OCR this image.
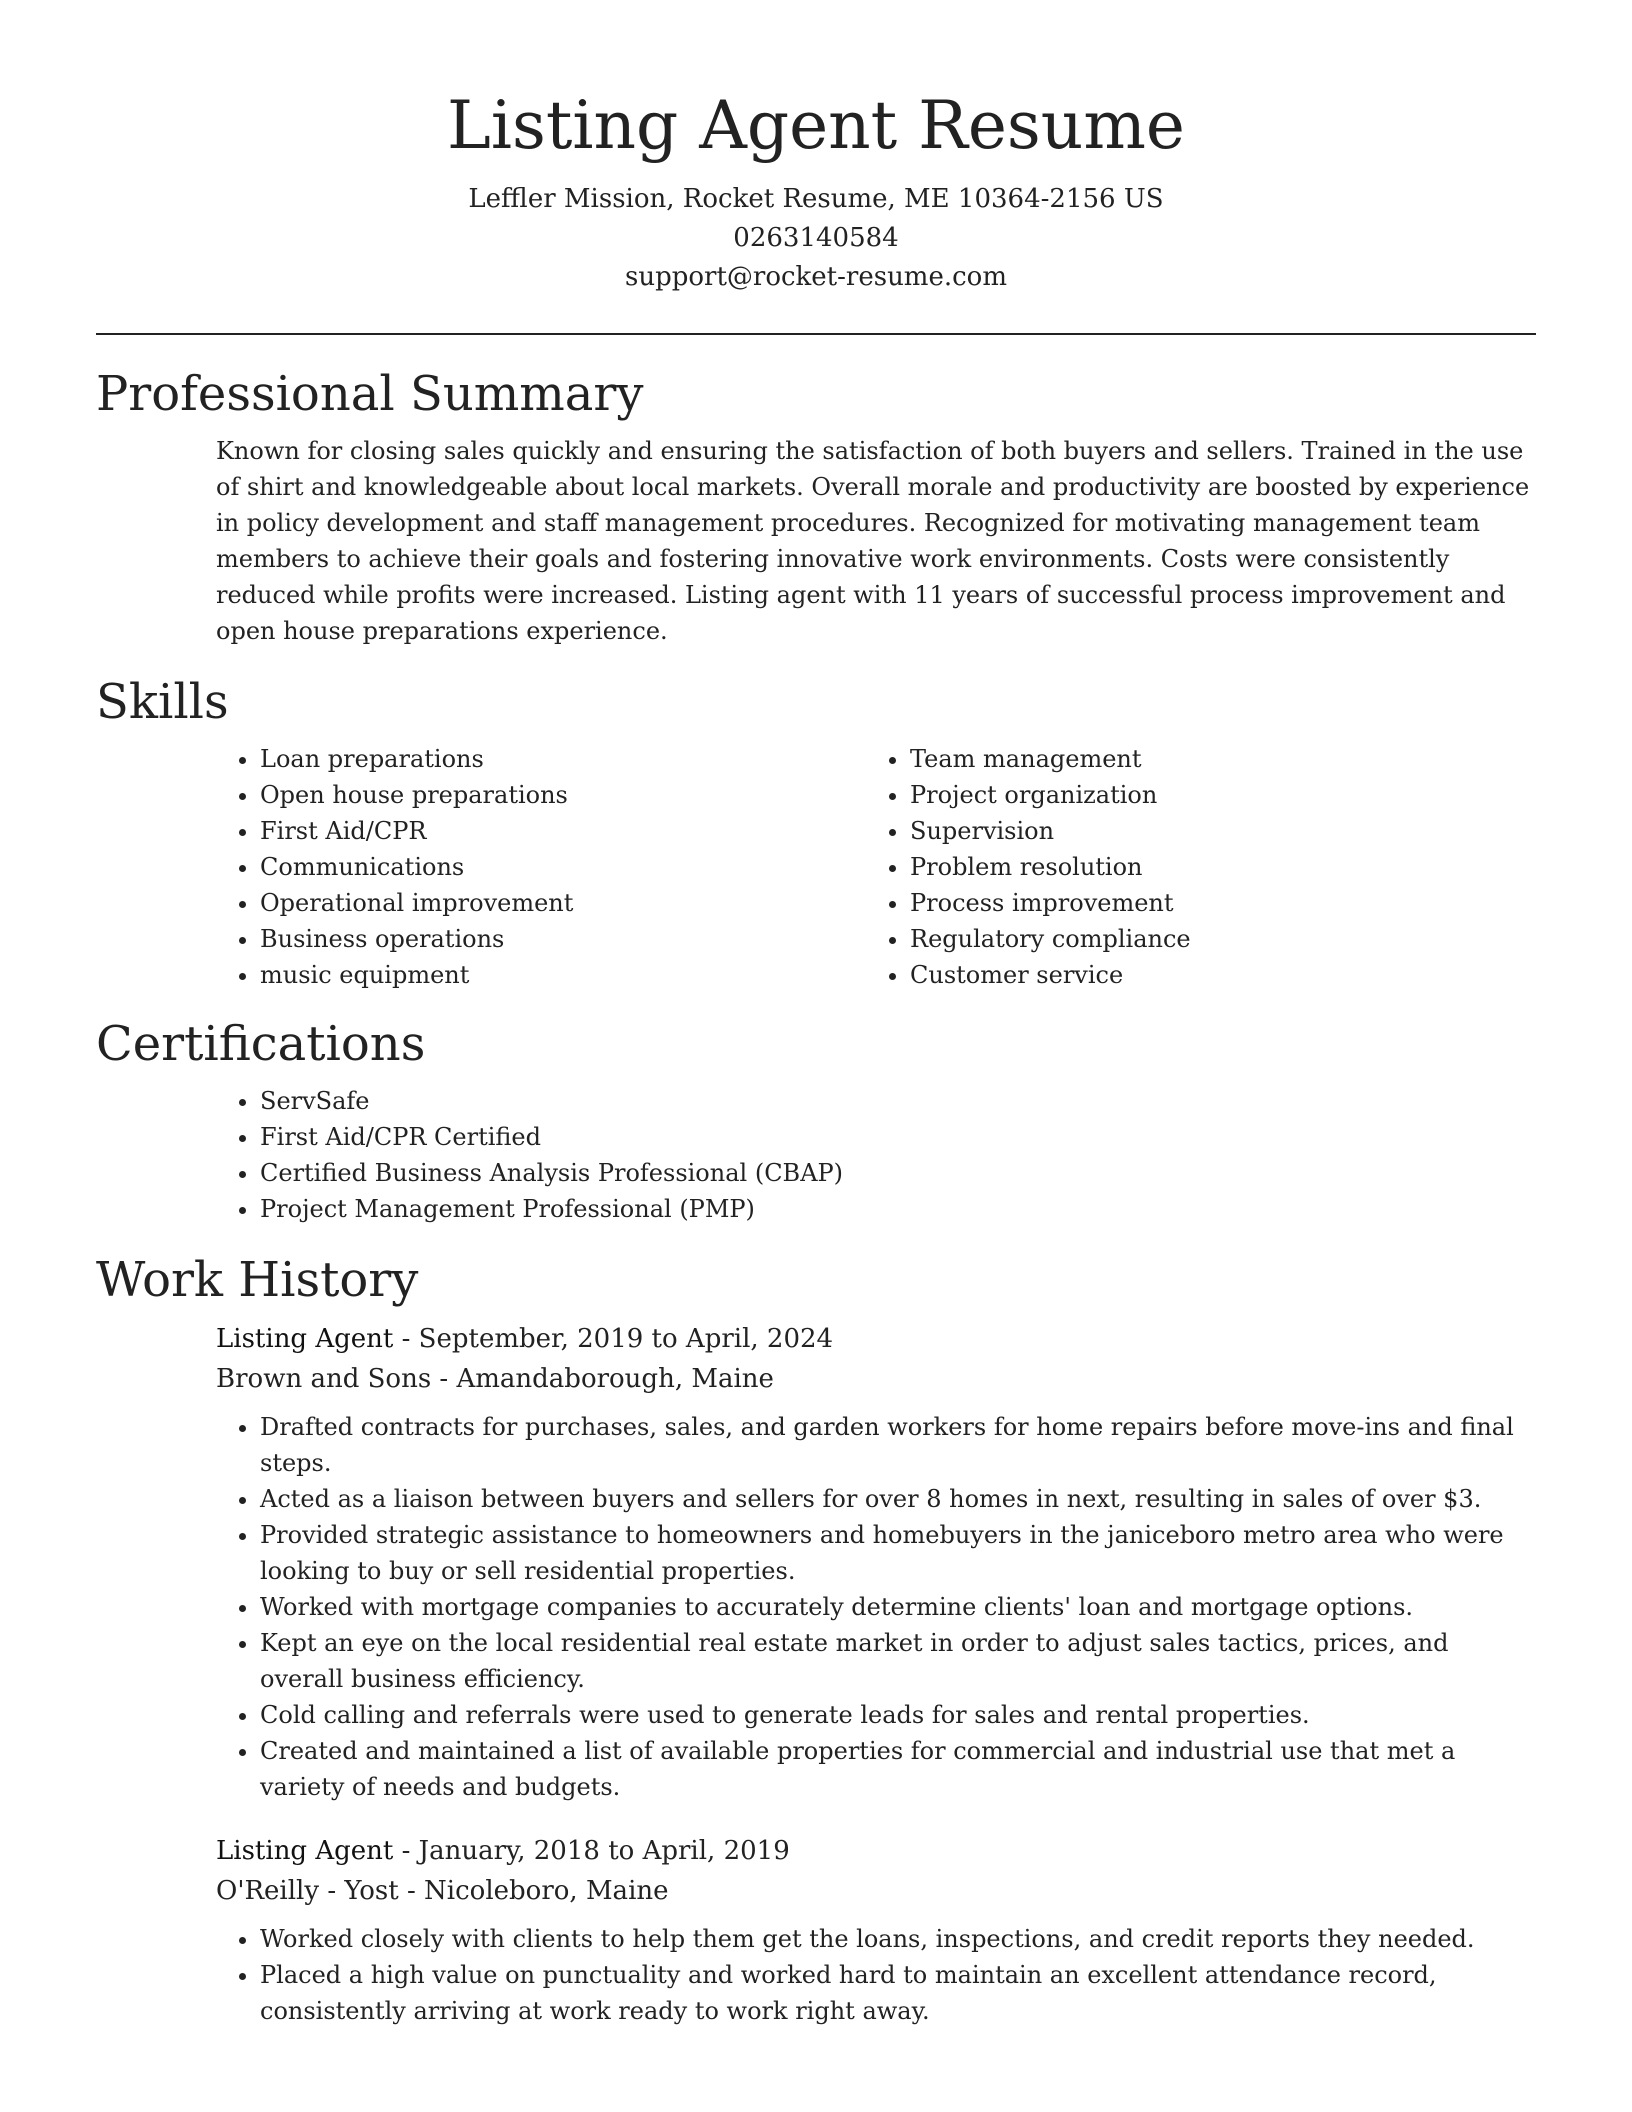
Listing Agent Resume

Leffler Mission, Rocket Resume, ME 10364-2156 US

0263140584

support@rocket-resume.com

Professional Summary

Known for closing sales quickly and ensuring the satisfaction of both buyers and sellers. Trained in the use of shirt and knowledgeable about local markets. Overall morale and productivity are boosted by experience in policy development and staff management procedures. Recognized for motivating management team members to achieve their goals and fostering innovative work environments. Costs were consistently reduced while profits were increased. Listing agent with 11 years of successful process improvement and open house preparations experience.

Skills
• Loan preparations
• Open house preparations
• First Aid/CPR
• Communications
• Operational improvement
• Business operations
• music equipment
• Team management
• Project organization
• Supervision
• Problem resolution
• Process improvement
• Regulatory compliance
• Customer service
Certifications
• ServSafe
• First Aid/CPR Certified
• Certified Business Analysis Professional (CBAP)
• Project Management Professional (PMP)
Work History

Listing Agent - September, 2019 to April, 2024

Brown and Sons - Amandaborough, Maine

• Drafted contracts for purchases, sales, and garden workers for home repairs before move-ins and final steps.
• Acted as a liaison between buyers and sellers for over 8 homes in next, resulting in sales of over $3.
• Provided strategic assistance to homeowners and homebuyers in the janiceboro metro area who were looking to buy or sell residential properties.
• Worked with mortgage companies to accurately determine clients' loan and mortgage options.
• Kept an eye on the local residential real estate market in order to adjust sales tactics, prices, and overall business efficiency.
• Cold calling and referrals were used to generate leads for sales and rental properties.
• Created and maintained a list of available properties for commercial and industrial use that met a variety of needs and budgets.

Listing Agent - January, 2018 to April, 2019

O'Reilly - Yost - Nicoleboro, Maine

• Worked closely with clients to help them get the loans, inspections, and credit reports they needed.
• Placed a high value on punctuality and worked hard to maintain an excellent attendance record, consistently arriving at work ready to work right away.
